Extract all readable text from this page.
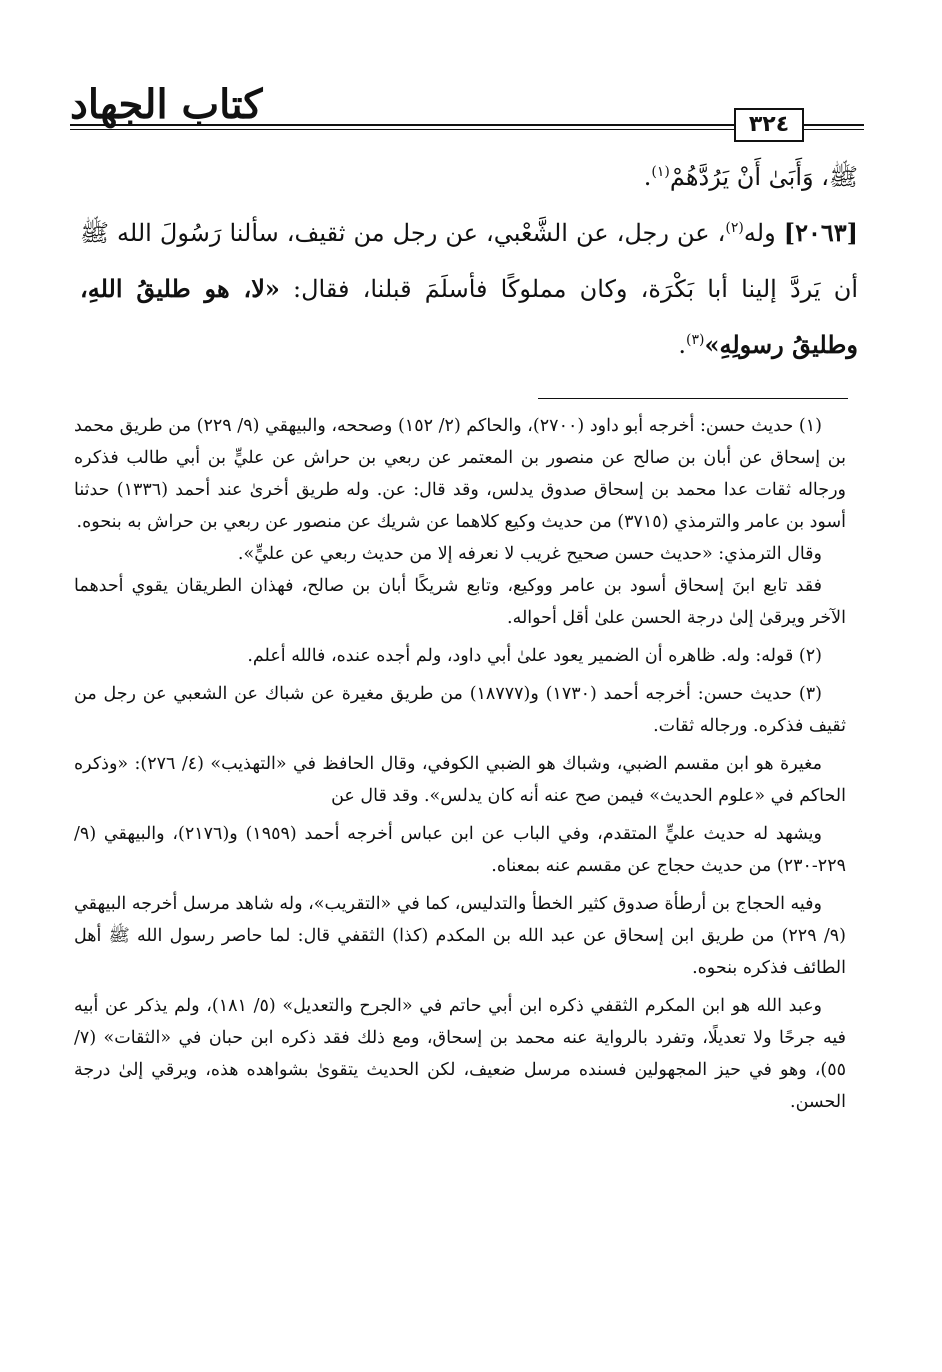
كتاب الجهاد	٣٢٤

ﷺ، وَأَبَىٰ أَنْ يَرُدَّهُمْ$^{(١)}$.

[٢٠٦٣] وله$^{(٢)}$، عن رجل، عن الشَّعْبي، عن رجل من ثقيف، سألنا رَسُولَ الله ﷺ أن يَردَّ إلينا أبا بَكْرَة، وكان مملوكًا فأسلَمَ قبلنا، فقال: «لا، هو طليقُ اللهِ، وطليقُ رسولِهِ»$^{(٣)}$.

(١) حديث حسن: أخرجه أبو داود (٢٧٠٠)، والحاكم (٢/ ١٥٢) وصححه، والبيهقي (٩/ ٢٢٩) من طريق محمد بن إسحاق عن أبان بن صالح عن منصور بن المعتمر عن ربعي بن حراش عن عليٍّ بن أبي طالب فذكره ورجاله ثقات عدا محمد بن إسحاق صدوق يدلس، وقد قال: عن. وله طريق أخرىٰ عند أحمد (١٣٣٦) حدثنا أسود بن عامر والترمذي (٣٧١٥) من حديث وكيع كلاهما عن شريك عن منصور عن ربعي بن حراش به بنحوه.

وقال الترمذي: «حديث حسن صحيح غريب لا نعرفه إلا من حديث ربعي عن عليٍّ».

فقد تابع ابنَ إسحاق أسود بن عامر ووكيع، وتابع شريكًا أبان بن صالح، فهذان الطريقان يقوي أحدهما الآخر ويرقىٰ إلىٰ درجة الحسن علىٰ أقل أحواله.

(٢) قوله: وله. ظاهره أن الضمير يعود علىٰ أبي داود، ولم أجده عنده، فالله أعلم.

(٣) حديث حسن: أخرجه أحمد (١٧٣٠) و(١٨٧٧٧) من طريق مغيرة عن شباك عن الشعبي عن رجل من ثقيف فذكره. ورجاله ثقات.

مغيرة هو ابن مقسم الضبي، وشباك هو الضبي الكوفي، وقال الحافظ في «التهذيب» (٤/ ٢٧٦): «وذكره الحاكم في «علوم الحديث» فيمن صح عنه أنه كان يدلس». وقد قال عن

ويشهد له حديث عليٍّ المتقدم، وفي الباب عن ابن عباس أخرجه أحمد (١٩٥٩) و(٢١٧٦)، والبيهقي (٩/ ٢٢٩-٢٣٠) من حديث حجاج عن مقسم عنه بمعناه.

وفيه الحجاج بن أرطأة صدوق كثير الخطأ والتدليس، كما في «التقريب»، وله شاهد مرسل أخرجه البيهقي (٩/ ٢٢٩) من طريق ابن إسحاق عن عبد الله بن المكدم (كذا) الثقفي قال: لما حاصر رسول الله ﷺ أهل الطائف فذكره بنحوه.

وعبد الله هو ابن المكرم الثقفي ذكره ابن أبي حاتم في «الجرح والتعديل» (٥/ ١٨١)، ولم يذكر عن أبيه فيه جرحًا ولا تعديلًا، وتفرد بالرواية عنه محمد بن إسحاق، ومع ذلك فقد ذكره ابن حبان في «الثقات» (٧/ ٥٥)، وهو في حيز المجهولين فسنده مرسل ضعيف، لكن الحديث يتقوىٰ بشواهده هذه، ويرقي إلىٰ درجة الحسن.
